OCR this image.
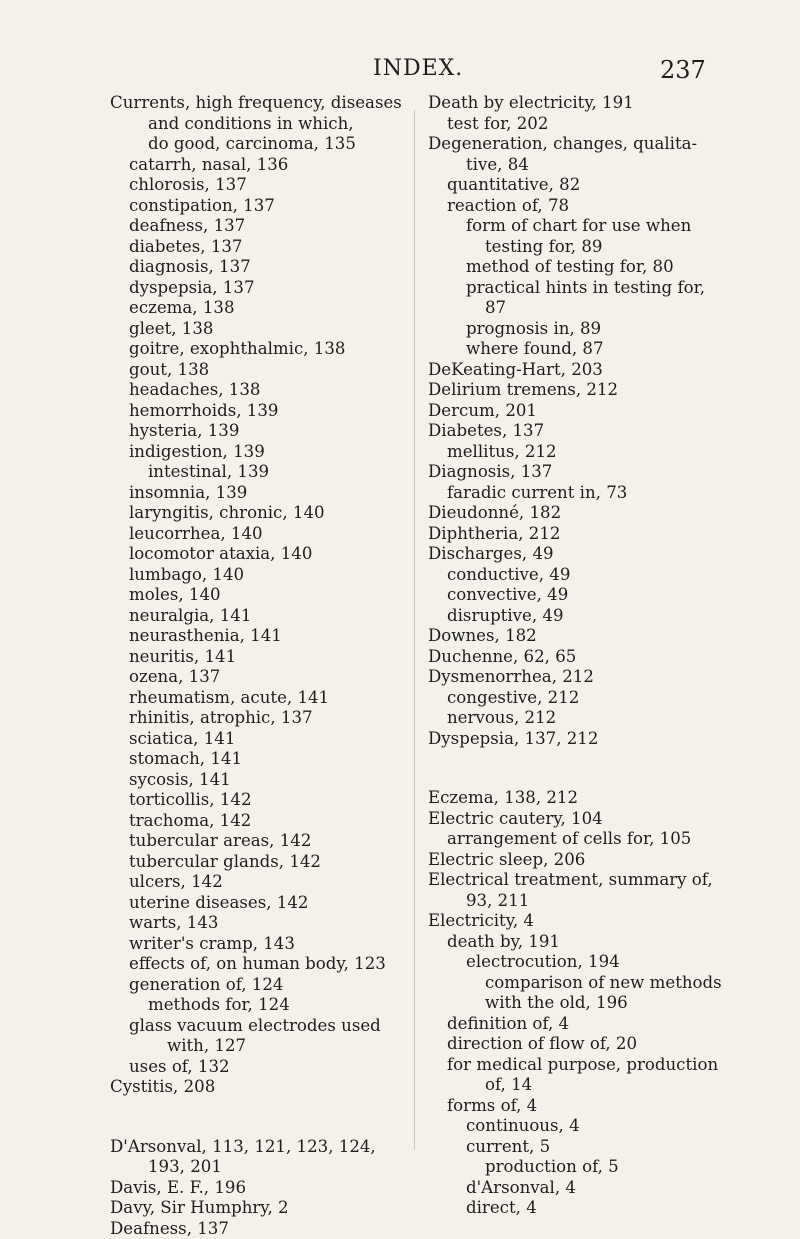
INDEX.	237
Currents, high frequency, diseases
and conditions in which,
do good, carcinoma, 135
catarrh, nasal, 136
chlorosis, 137
constipation, 137
deafness, 137
diabetes, 137
diagnosis, 137
dyspepsia, 137
eczema, 138
gleet, 138
goitre, exophthalmic, 138
gout, 138
headaches, 138
hemorrhoids, 139
hysteria, 139
indigestion, 139
intestinal, 139
insomnia, 139
laryngitis, chronic, 140
leucorrhea, 140
locomotor ataxia, 140
lumbago, 140
moles, 140
neuralgia, 141
neurasthenia, 141
neuritis, 141
ozena, 137
rheumatism, acute, 141
rhinitis, atrophic, 137
sciatica, 141
stomach, 141
sycosis, 141
torticollis, 142
trachoma, 142
tubercular areas, 142
tubercular glands, 142
ulcers, 142
uterine diseases, 142
warts, 143
writer's cramp, 143
effects of, on human body, 123
generation of, 124
methods for, 124
glass vacuum electrodes used
with, 127
uses of, 132
Cystitis, 208
D'Arsonval, 113, 121, 123, 124,
193, 201
Davis, E. F., 196
Davy, Sir Humphry, 2
Deafness, 137
Death by electricity, 191
test for, 202
Degeneration, changes, qualita-
tive, 84
quantitative, 82
reaction of, 78
form of chart for use when
testing for, 89
method of testing for, 80
practical hints in testing for,
87
prognosis in, 89
where found, 87
DeKeating-Hart, 203
Delirium tremens, 212
Dercum, 201
Diabetes, 137
mellitus, 212
Diagnosis, 137
faradic current in, 73
Dieudonné, 182
Diphtheria, 212
Discharges, 49
conductive, 49
convective, 49
disruptive, 49
Downes, 182
Duchenne, 62, 65
Dysmenorrhea, 212
congestive, 212
nervous, 212
Dyspepsia, 137, 212
Eczema, 138, 212
Electric cautery, 104
arrangement of cells for, 105
Electric sleep, 206
Electrical treatment, summary of,
93, 211
Electricity, 4
death by, 191
electrocution, 194
comparison of new methods
with the old, 196
definition of, 4
direction of flow of, 20
for medical purpose, production
of, 14
forms of, 4
continuous, 4
current, 5
production of, 5
d'Arsonval, 4
direct, 4
